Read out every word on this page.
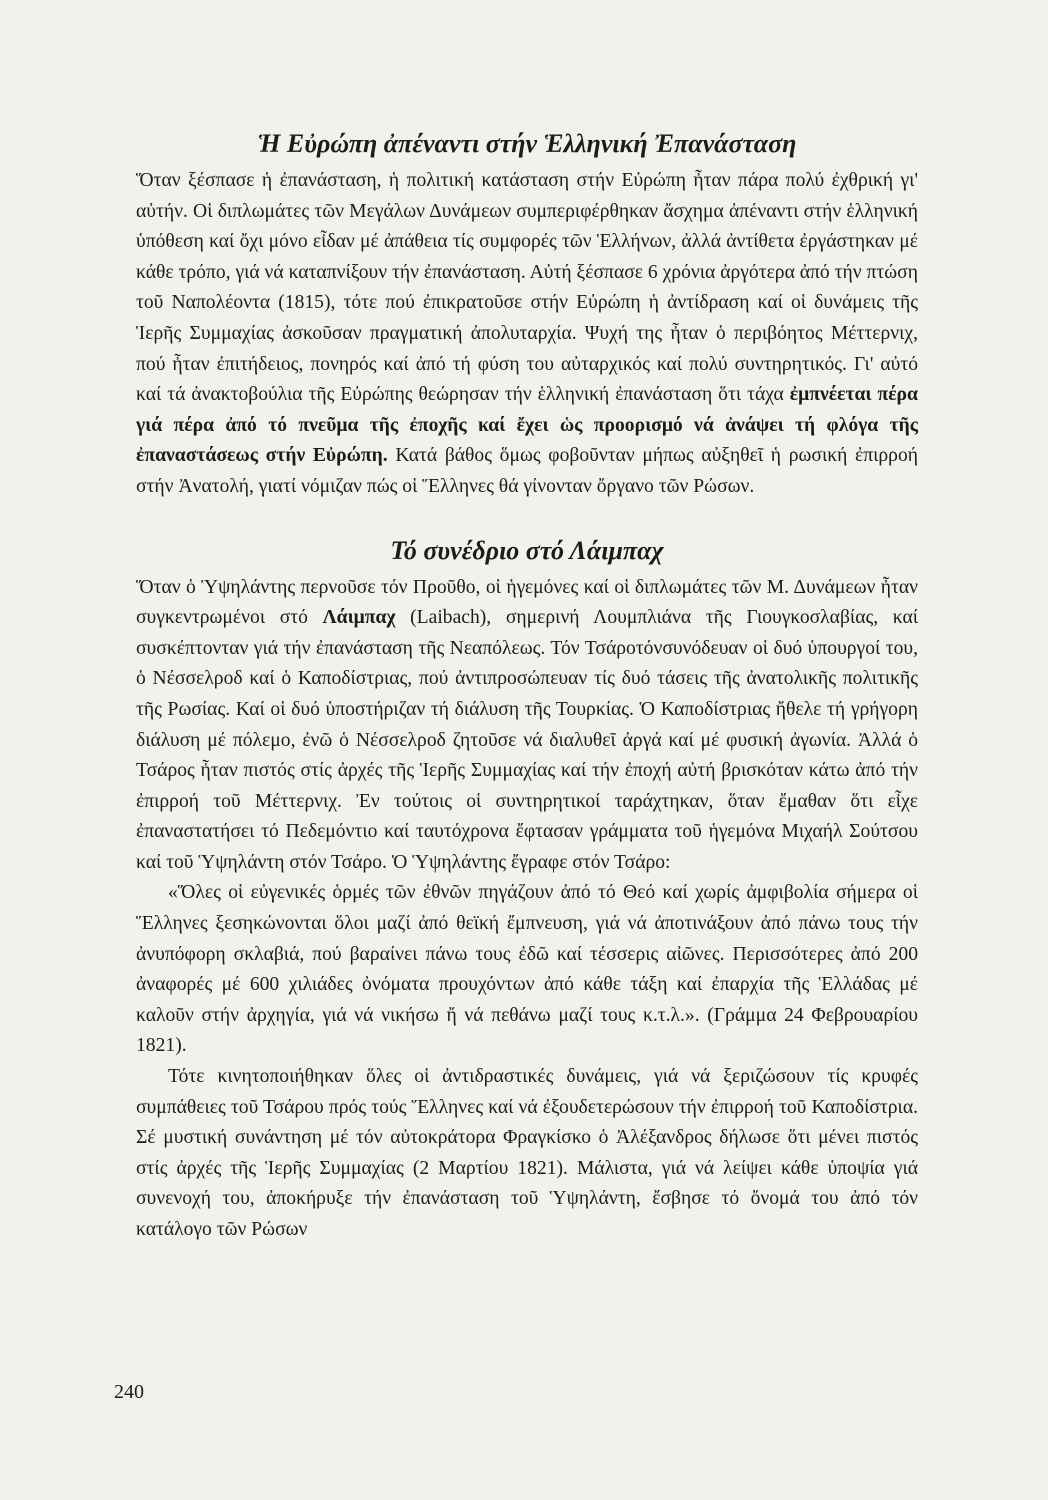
Ἡ Εὐρώπη ἀπέναντι στήν Ἑλληνική Ἐπανάσταση

Ὅταν ξέσπασε ἡ ἐπανάσταση, ἡ πολιτική κατάσταση στήν Εὐρώπη ἦταν πάρα πολύ ἐχθρική γι' αὐτήν. Οἱ διπλωμάτες τῶν Μεγάλων Δυνάμεων συμπεριφέρθηκαν ἄσχημα ἀπέναντι στήν ἑλληνική ὑπόθεση καί ὄχι μόνο εἶδαν μέ ἀπάθεια τίς συμφορές τῶν Ἑλλήνων, ἀλλά ἀντίθετα ἐργάστηκαν μέ κάθε τρόπο, γιά νά καταπνίξουν τήν ἐπανάσταση. Αὐτή ξέσπασε 6 χρόνια ἀργότερα ἀπό τήν πτώση τοῦ Ναπολέοντα (1815), τότε πού ἐπικρατοῦσε στήν Εὐρώπη ἡ ἀντίδραση καί οἱ δυνάμεις τῆς Ἱερῆς Συμμαχίας ἀσκοῦσαν πραγματική ἀπολυταρχία. Ψυχή της ἦταν ὁ περιβόητος Μέττερνιχ, πού ἦταν ἐπιτήδειος, πονηρός καί ἀπό τή φύση του αὐταρχικός καί πολύ συντηρητικός. Γι' αὐτό καί τά ἀνακτοβούλια τῆς Εὐρώπης θεώρησαν τήν ἑλληνική ἐπανάσταση ὅτι τάχα ἐμπνέεται πέρα γιά πέρα ἀπό τό πνεῦμα τῆς ἐποχῆς καί ἔχει ὡς προορισμό νά ἀνάψει τή φλόγα τῆς ἐπαναστάσεως στήν Εὐρώπη. Κατά βάθος ὅμως φοβοῦνταν μήπως αὐξηθεῖ ἡ ρωσική ἐπιρροή στήν Ἀνατολή, γιατί νόμιζαν πώς οἱ Ἕλληνες θά γίνονταν ὄργανο τῶν Ρώσων.

Τό συνέδριο στό Λάιμπαχ

Ὅταν ὁ Ὑψηλάντης περνοῦσε τόν Προῦθο, οἱ ἡγεμόνες καί οἱ διπλωμάτες τῶν Μ. Δυνάμεων ἦταν συγκεντρωμένοι στό Λάιμπαχ (Laibach), σημερινή Λουμπλιάνα τῆς Γιουγκοσλαβίας, καί συσκέπτονταν γιά τήν ἐπανάσταση τῆς Νεαπόλεως. Τόν Τσάροτόνσυνόδευαν οἱ δυό ὑπουργοί του, ὁ Νέσσελροδ καί ὁ Καποδίστριας, πού ἀντιπροσώπευαν τίς δυό τάσεις τῆς ἀνατολικῆς πολιτικῆς τῆς Ρωσίας. Καί οἱ δυό ὑποστήριζαν τή διάλυση τῆς Τουρκίας. Ὁ Καποδίστριας ἤθελε τή γρήγορη διάλυση μέ πόλεμο, ἐνῶ ὁ Νέσσελροδ ζητοῦσε νά διαλυθεῖ ἀργά καί μέ φυσική ἀγωνία. Ἀλλά ὁ Τσάρος ἦταν πιστός στίς ἀρχές τῆς Ἱερῆς Συμμαχίας καί τήν ἐποχή αὐτή βρισκόταν κάτω ἀπό τήν ἐπιρροή τοῦ Μέττερνιχ. Ἐν τούτοις οἱ συντηρητικοί ταράχτηκαν, ὅταν ἔμαθαν ὅτι εἶχε ἐπαναστατήσει τό Πεδεμόντιο καί ταυτόχρονα ἔφτασαν γράμματα τοῦ ἡγεμόνα Μιχαήλ Σούτσου καί τοῦ Ὑψηλάντη στόν Τσάρο. Ὁ Ὑψηλάντης ἔγραφε στόν Τσάρο:

«Ὅλες οἱ εὐγενικές ὁρμές τῶν ἐθνῶν πηγάζουν ἀπό τό Θεό καί χωρίς ἀμφιβολία σήμερα οἱ Ἕλληνες ξεσηκώνονται ὅλοι μαζί ἀπό θεϊκή ἔμπνευση, γιά νά ἀποτινάξουν ἀπό πάνω τους τήν ἀνυπόφορη σκλαβιά, πού βαραίνει πάνω τους ἐδῶ καί τέσσερις αἰῶνες. Περισσότερες ἀπό 200 ἀναφορές μέ 600 χιλιάδες ὀνόματα προυχόντων ἀπό κάθε τάξη καί ἐπαρχία τῆς Ἑλλάδας μέ καλοῦν στήν ἀρχηγία, γιά νά νικήσω ἤ νά πεθάνω μαζί τους κ.τ.λ.». (Γράμμα 24 Φεβρουαρίου 1821).

Τότε κινητοποιήθηκαν ὅλες οἱ ἀντιδραστικές δυνάμεις, γιά νά ξεριζώσουν τίς κρυφές συμπάθειες τοῦ Τσάρου πρός τούς Ἕλληνες καί νά ἐξουδετερώσουν τήν ἐπιρροή τοῦ Καποδίστρια. Σέ μυστική συνάντηση μέ τόν αὐτοκράτορα Φραγκίσκο ὁ Ἀλέξανδρος δήλωσε ὅτι μένει πιστός στίς ἀρχές τῆς Ἱερῆς Συμμαχίας (2 Μαρτίου 1821). Μάλιστα, γιά νά λείψει κάθε ὑποψία γιά συνενοχή του, ἀποκήρυξε τήν ἐπανάσταση τοῦ Ὑψηλάντη, ἔσβησε τό ὄνομά του ἀπό τόν κατάλογο τῶν Ρώσων

240
